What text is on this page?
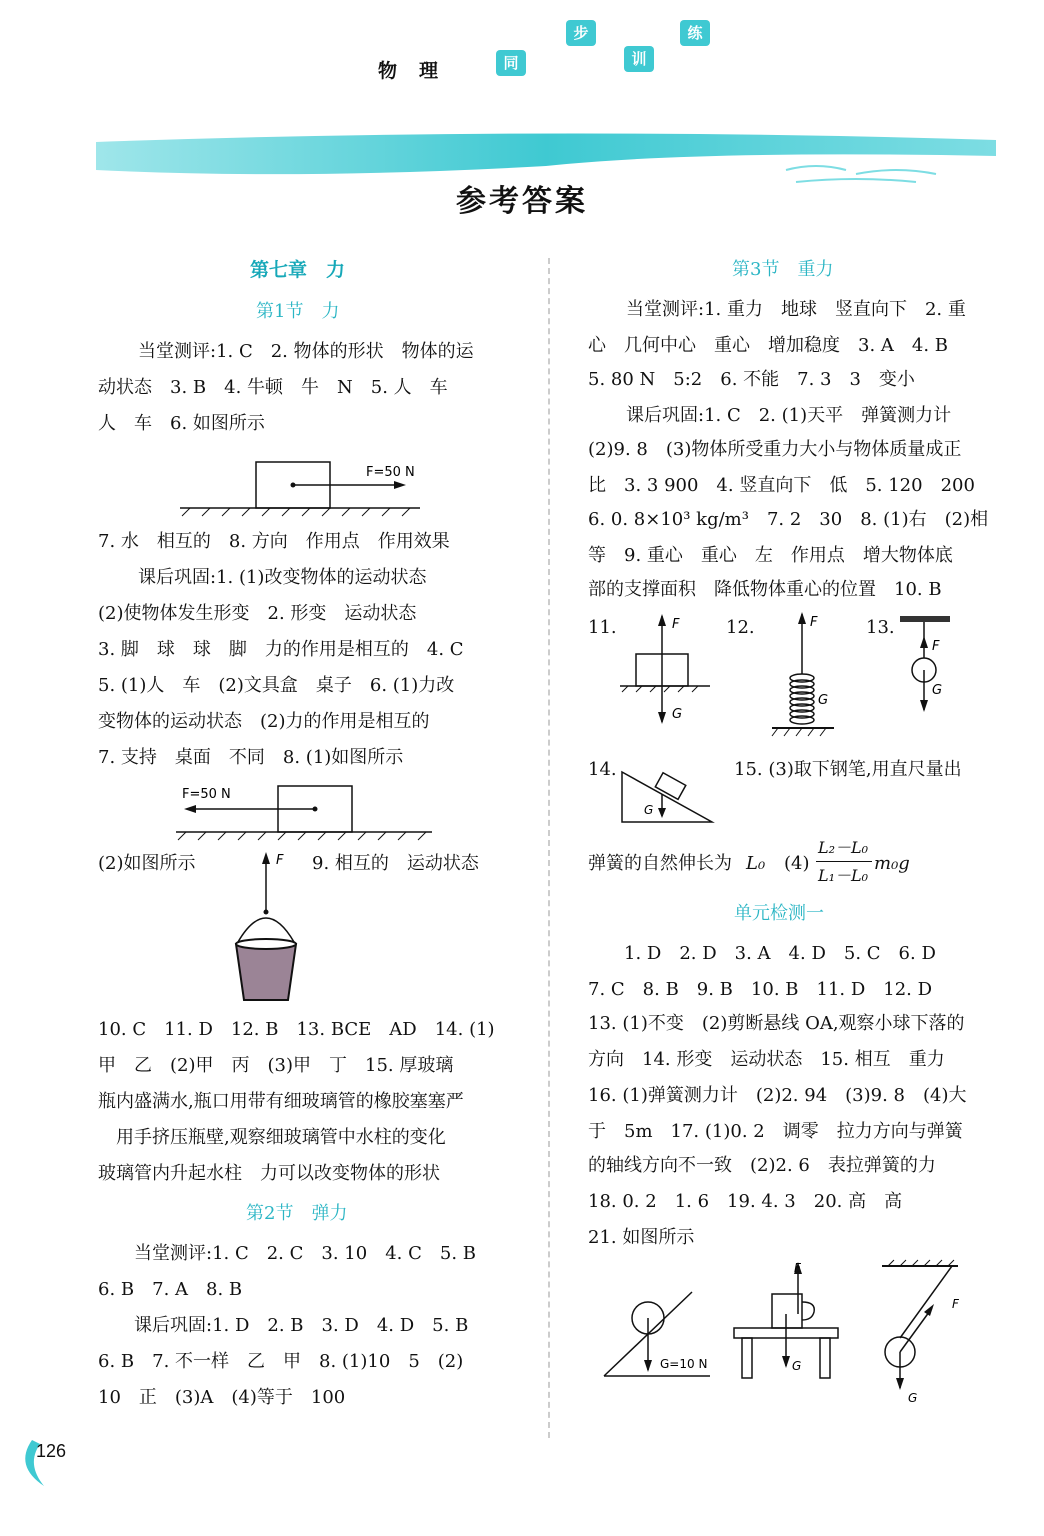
物理	同
步
训
练
参考答案
第七章　力
第1节　力
当堂测评:1. C　2. 物体的形状　物体的运
动状态　3. B　4. 牛顿　牛　N　5. 人　车
人　车　6. 如图所示
F=50 N
7. 水　相互的　8. 方向　作用点　作用效果
课后巩固:1. (1)改变物体的运动状态
(2)使物体发生形变　2. 形变　运动状态
3. 脚　球　球　脚　力的作用是相互的　4. C
5. (1)人　车　(2)文具盒　桌子　6. (1)力改
变物体的运动状态　(2)力的作用是相互的
7. 支持　桌面　不同　8. (1)如图所示
F=50 N
(2)如图所示	9. 相互的　运动状态
F
10. C　11. D　12. B　13. BCE　AD　14. (1)
甲　乙　(2)甲　丙　(3)甲　丁　15. 厚玻璃
瓶内盛满水,瓶口用带有细玻璃管的橡胶塞塞严
用手挤压瓶壁,观察细玻璃管中水柱的变化
玻璃管内升起水柱　力可以改变物体的形状
第2节　弹力
当堂测评:1. C　2. C　3. 10　4. C　5. B
6. B　7. A　8. B
课后巩固:1. D　2. B　3. D　4. D　5. B
6. B　7. 不一样　乙　甲　8. (1)10　5　(2)
10　正　(3)A　(4)等于　100
第3节　重力
当堂测评:1. 重力　地球　竖直向下　2. 重
心　几何中心　重心　增加稳度　3. A　4. B
5. 80 N　5:2　6. 不能　7. 3　3　变小
课后巩固:1. C　2. (1)天平　弹簧测力计
(2)9. 8　(3)物体所受重力大小与物体质量成正
比　3. 3 900　4. 竖直向下　低　5. 120　200
6. 0. 8×10³ kg/m³　7. 2　30　8. (1)右　(2)相
等　9. 重心　重心　左　作用点　增大物体底
部的支撑面积　降低物体重心的位置　10. B
11.	F
G
12.	F
G
13.
F
G
14.
G
15. (3)取下钢笔,用直尺量出
弹簧的自然伸长为 L₀ (4)
L₂－L₀
L₁－L₀
m₀g
单元检测一
1. D　2. D　3. A　4. D　5. C　6. D
7. C　8. B　9. B　10. B　11. D　12. D
13. (1)不变　(2)剪断悬线 OA,观察小球下落的
方向　14. 形变　运动状态　15. 相互　重力
16. (1)弹簧测力计　(2)2. 94　(3)9. 8　(4)大
于　5m　17. (1)0. 2　调零　拉力方向与弹簧
的轴线方向不一致　(2)2. 6　表拉弹簧的力
18. 0. 2　1. 6　19. 4. 3　20. 高　高
21. 如图所示
G=10 N
F
G
F
G
126
